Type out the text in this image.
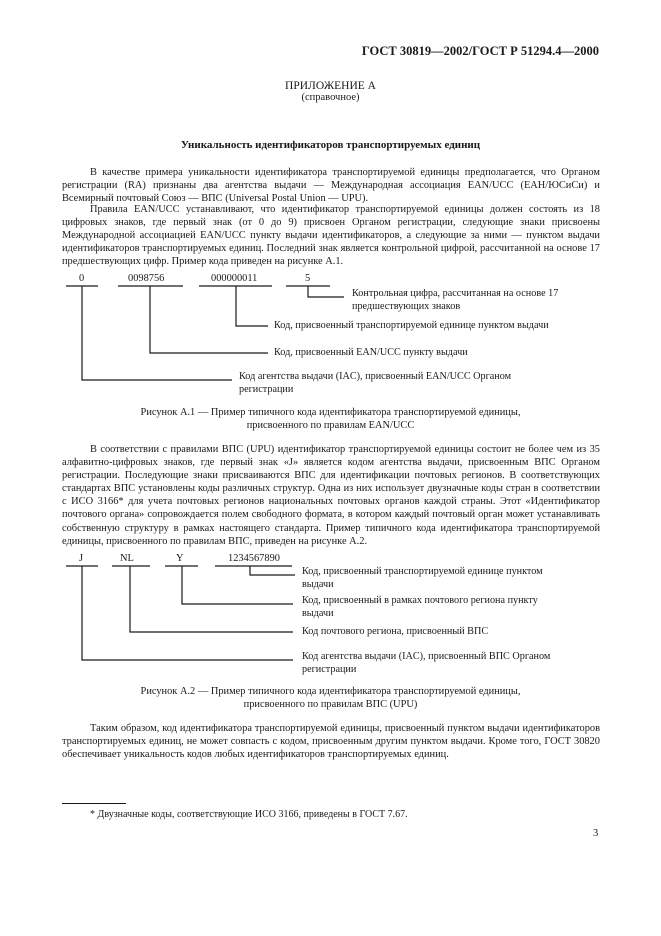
ГОСТ 30819—2002/ГОСТ Р 51294.4—2000
ПРИЛОЖЕНИЕ А
(справочное)
Уникальность идентификаторов транспортируемых единиц
В качестве примера уникальности идентификатора транспортируемой единицы предполагается, что Органом регистрации (RA) признаны два агентства выдачи — Международная ассоциация EAN/UCC (ЕАН/ЮСиСи) и Всемирный почтовый Союз — ВПС (Universal Postal Union — UPU).
Правила EAN/UCC устанавливают, что идентификатор транспортируемой единицы должен состоять из 18 цифровых знаков, где первый знак (от 0 до 9) присвоен Органом регистрации, следующие знаки присвоены Международной ассоциацией EAN/UCC пункту выдачи идентификаторов, а следующие за ними — пунктом выдачи идентификаторов транспортируемых единиц. Последний знак является контрольной цифрой, рассчитанной на основе 17 предшествующих цифр. Пример кода приведен на рисунке А.1.
0	0098756	000000011	5
Контрольная цифра, рассчитанная на основе 17
предшествующих знаков
Код, присвоенный транспортируемой единице пунктом выдачи
Код, присвоенный EAN/UCC пункту выдачи
Код агентства выдачи (IAC), присвоенный EAN/UCC Органом
регистрации
Рисунок А.1 — Пример типичного кода идентификатора транспортируемой единицы,
присвоенного по правилам EAN/UCC
В соответствии с правилами ВПС (UPU) идентификатор транспортируемой единицы состоит не более чем из 35 алфавитно-цифровых знаков, где первый знак «J» является кодом агентства выдачи, присвоенным ВПС Органом регистрации. Последующие знаки присваиваются ВПС для идентификации почтовых регионов. В соответствующих стандартах ВПС установлены коды различных структур. Одна из них использует двузначные коды стран в соответствии с ИСО 3166* для учета почтовых регионов национальных почтовых органов каждой страны. Этот «Идентификатор почтового органа» сопровождается полем свободного формата, в котором каждый почтовый орган может устанавливать собственную структуру в рамках настоящего стандарта. Пример типичного кода идентификатора транспортируемой единицы, присвоенного по правилам ВПС, приведен на рисунке А.2.
J	NL	Y	1234567890
Код, присвоенный транспортируемой единице пунктом
выдачи
Код, присвоенный в рамках почтового региона пункту
выдачи
Код почтового региона, присвоенный ВПС
Код агентства выдачи (IAC), присвоенный ВПС Органом
регистрации
Рисунок А.2 — Пример типичного кода идентификатора транспортируемой единицы,
присвоенного по правилам ВПС (UPU)
Таким образом, код идентификатора транспортируемой единицы, присвоенный пунктом выдачи идентификаторов транспортируемых единиц, не может совпасть с кодом, присвоенным другим пунктом выдачи. Кроме того, ГОСТ 30820 обеспечивает уникальность кодов любых идентификаторов транспортируемых единиц.
* Двузначные коды, соответствующие ИСО 3166, приведены в ГОСТ 7.67.
3
